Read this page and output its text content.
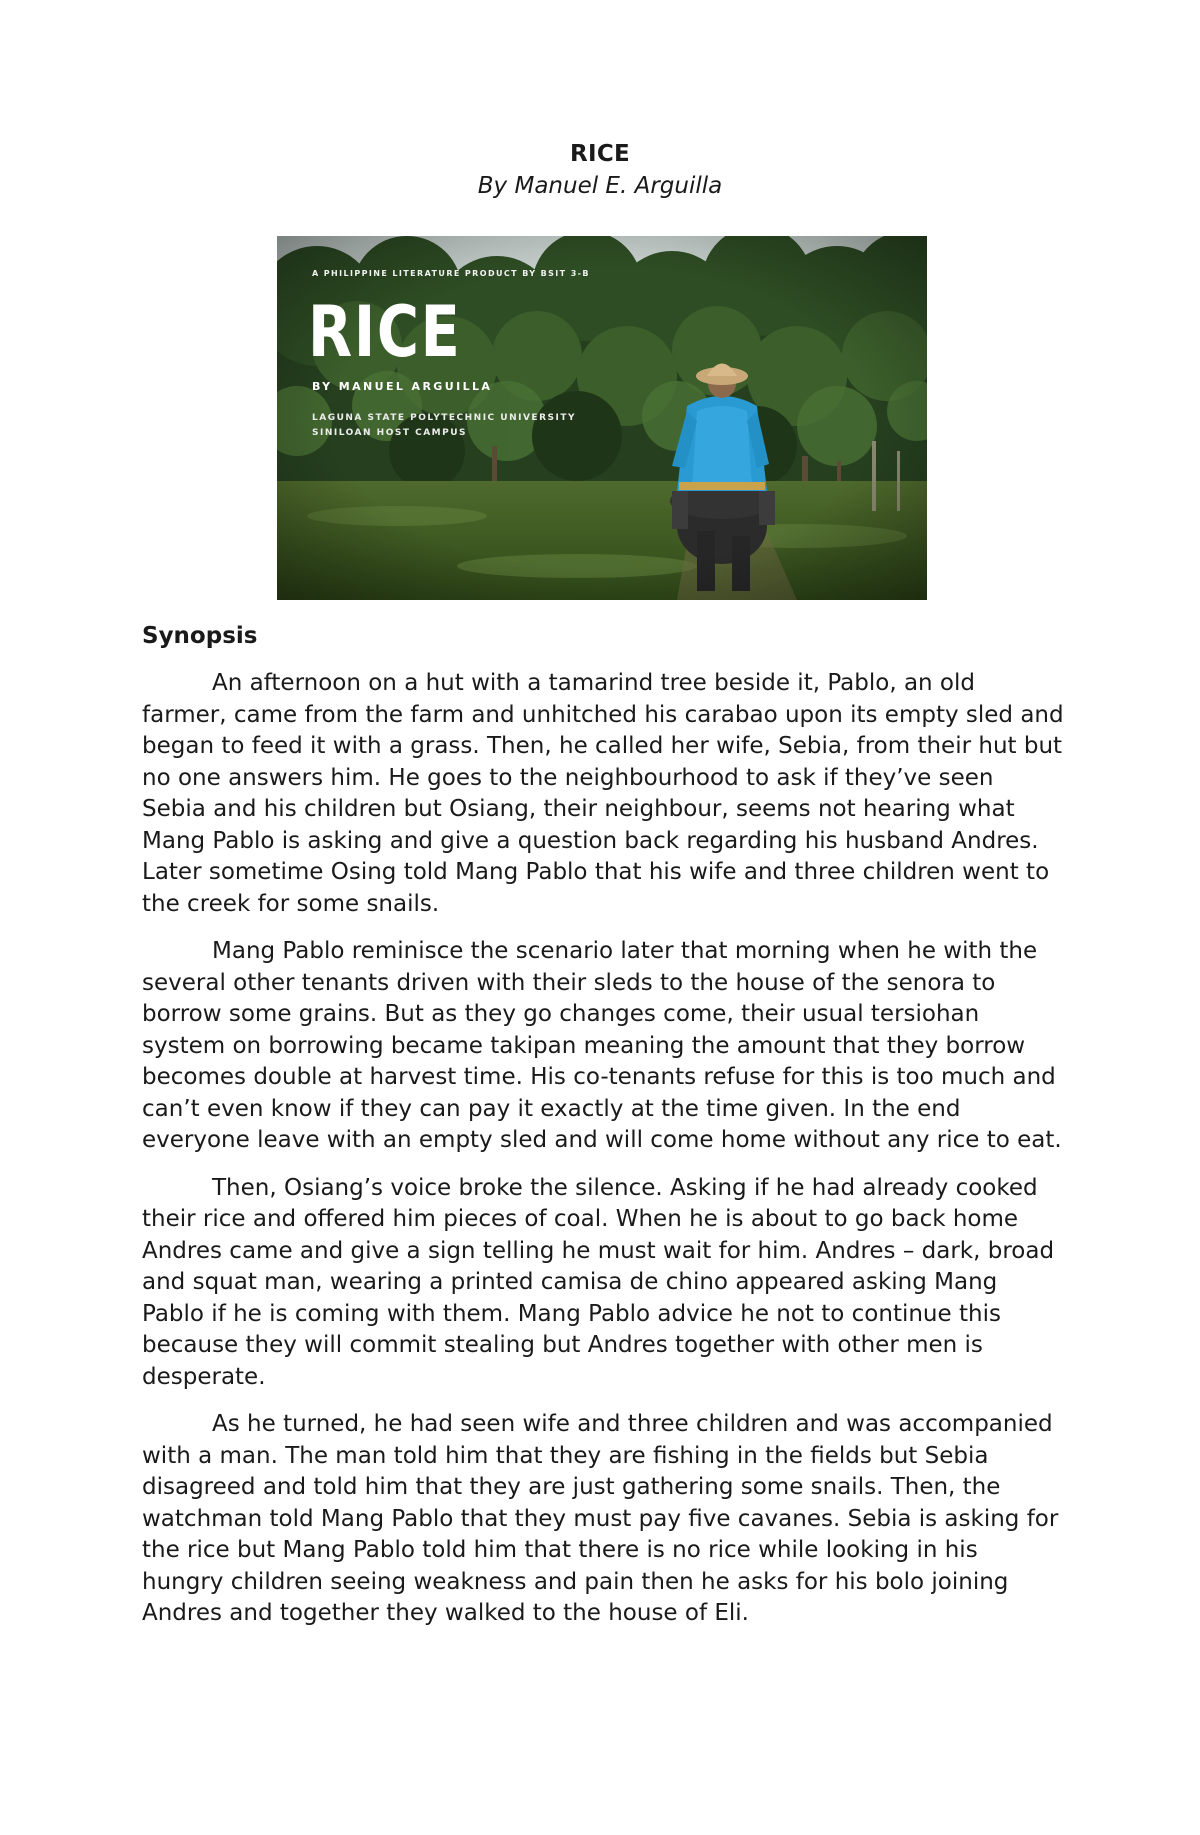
RICE
By Manuel E. Arguilla
A PHILIPPINE LITERATURE PRODUCT BY BSIT 3-B
RICE
BY MANUEL ARGUILLA
LAGUNA STATE POLYTECHNIC UNIVERSITY
SINILOAN HOST CAMPUS
Synopsis

An afternoon on a hut with a tamarind tree beside it, Pablo, an old farmer, came from the farm and unhitched his carabao upon its empty sled and began to feed it with a grass. Then, he called her wife, Sebia, from their hut but no one answers him. He goes to the neighbourhood to ask if they’ve seen Sebia and his children but Osiang, their neighbour, seems not hearing what Mang Pablo is asking and give a question back regarding his husband Andres. Later sometime Osing told Mang Pablo that his wife and three children went to the creek for some snails.

Mang Pablo reminisce the scenario later that morning when he with the several other tenants driven with their sleds to the house of the senora to borrow some grains. But as they go changes come, their usual tersiohan system on borrowing became takipan meaning the amount that they borrow becomes double at harvest time. His co-tenants refuse for this is too much and can’t even know if they can pay it exactly at the time given. In the end everyone leave with an empty sled and will come home without any rice to eat.

Then, Osiang’s voice broke the silence. Asking if he had already cooked their rice and offered him pieces of coal. When he is about to go back home Andres came and give a sign telling he must wait for him. Andres – dark, broad and squat man, wearing a printed camisa de chino appeared asking Mang Pablo if he is coming with them. Mang Pablo advice he not to continue this because they will commit stealing but Andres together with other men is desperate.

As he turned, he had seen wife and three children and was accompanied with a man. The man told him that they are fishing in the fields but Sebia disagreed and told him that they are just gathering some snails. Then, the watchman told Mang Pablo that they must pay five cavanes. Sebia is asking for the rice but Mang Pablo told him that there is no rice while looking in his hungry children seeing weakness and pain then he asks for his bolo joining Andres and together they walked to the house of Eli.
